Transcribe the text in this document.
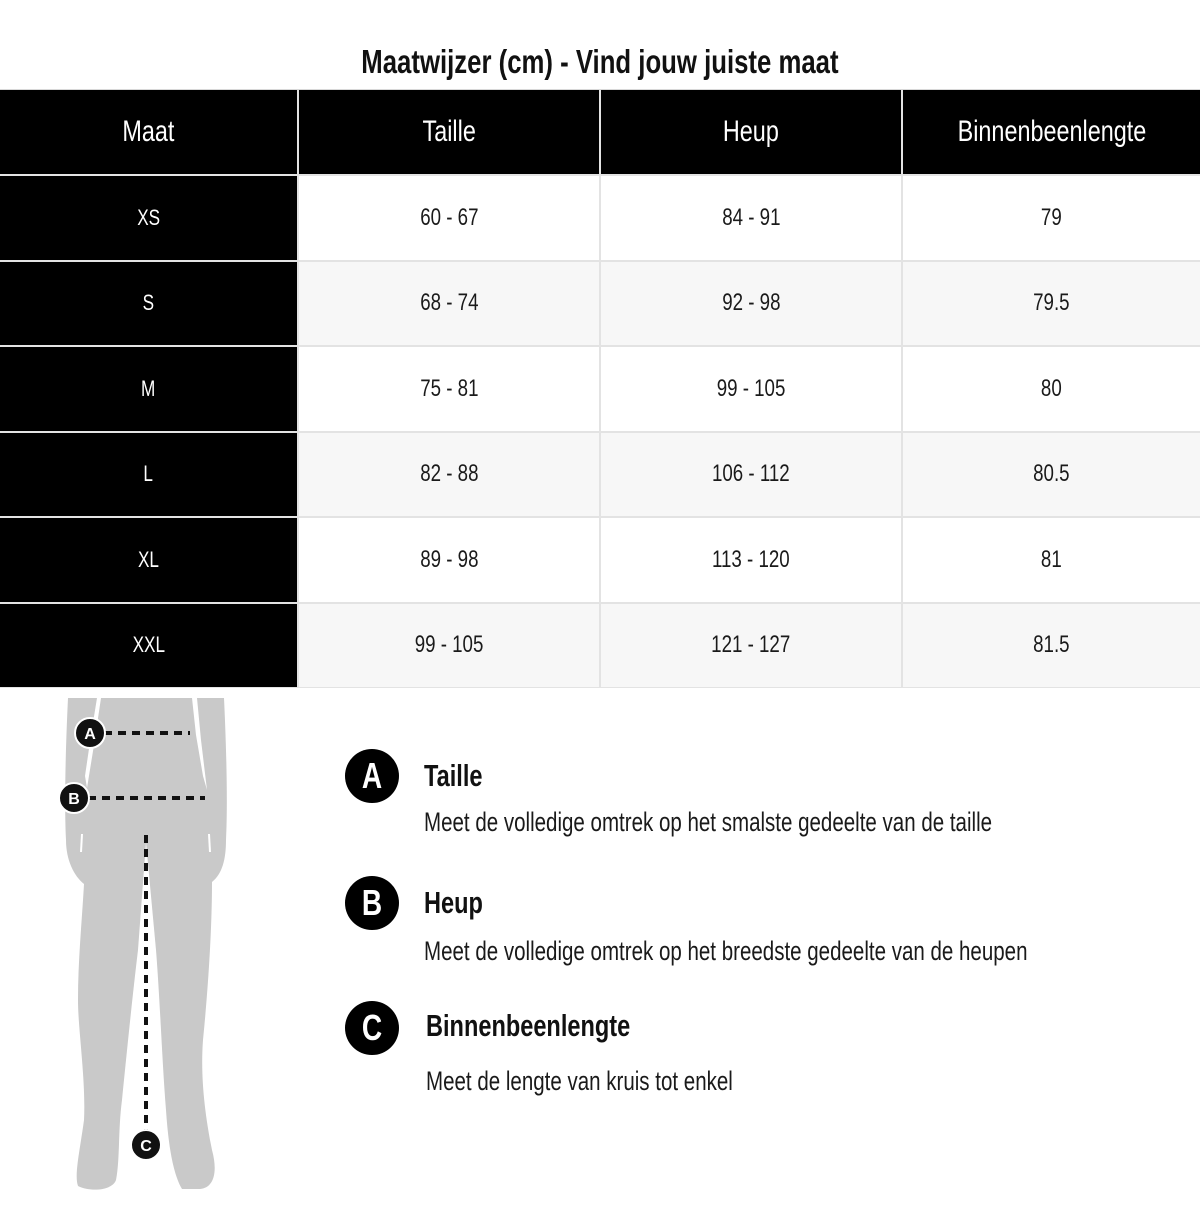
Maatwijzer (cm) - Vind jouw juiste maat
Maat	Taille	Heup	Binnenbeenlengte
XS	60 - 67	84 - 91	79
S	68 - 74	92 - 98	79.5
M	75 - 81	99 - 105	80
L	82 - 88	106 - 112	80.5
XL	89 - 98	113 - 120	81
XXL	99 - 105	121 - 127	81.5
A
B
C
A Taille
Meet de volledige omtrek op het smalste gedeelte van de taille
B Heup
Meet de volledige omtrek op het breedste gedeelte van de heupen
C Binnenbeenlengte
Meet de lengte van kruis tot enkel
